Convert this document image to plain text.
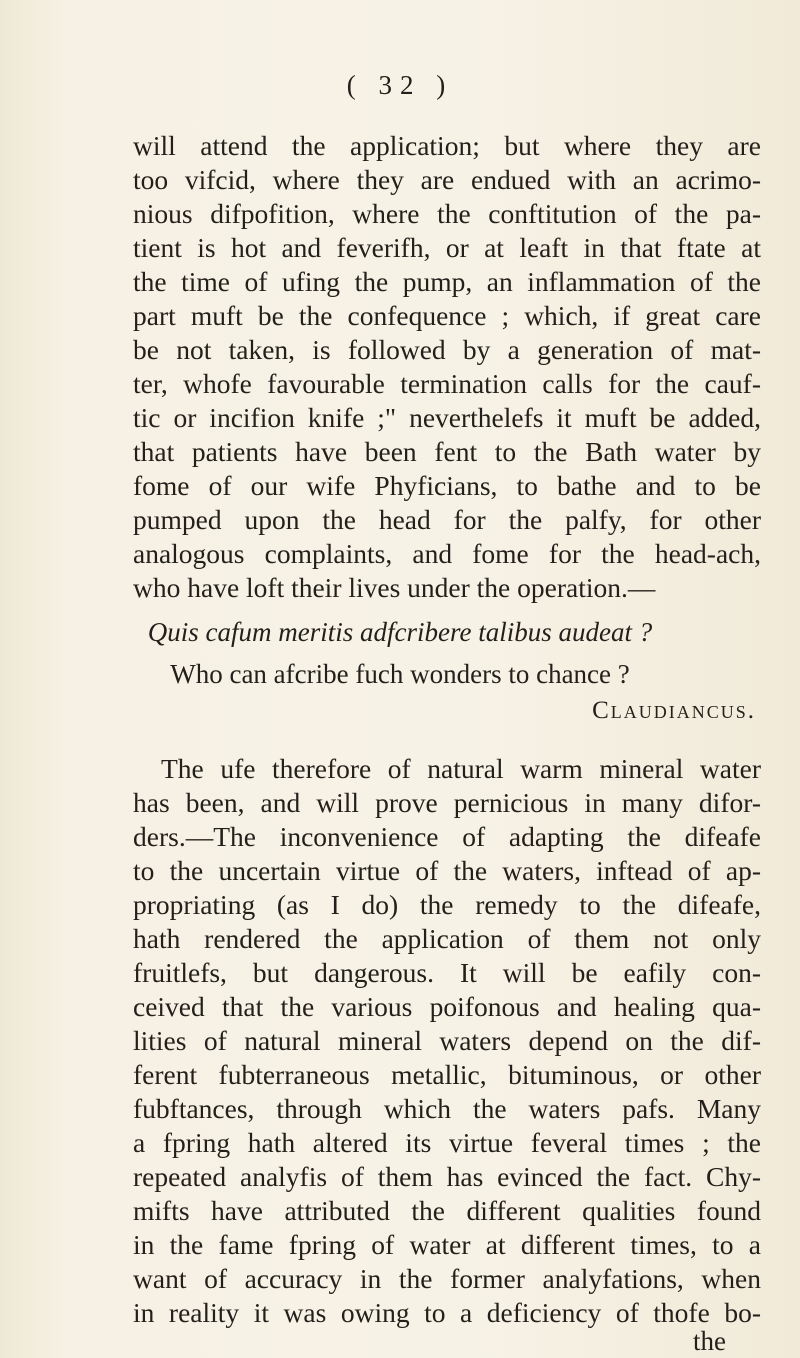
( 32 )
will attend the application; but where they are
too vifcid, where they are endued with an acrimo-
nious difpofition, where the conftitution of the pa-
tient is hot and feverifh, or at leaft in that ftate at
the time of ufing the pump, an inflammation of the
part muft be the confequence ; which, if great care
be not taken, is followed by a generation of mat-
ter, whofe favourable termination calls for the cauf-
tic or incifion knife ;" neverthelefs it muft be added,
that patients have been fent to the Bath water by
fome of our wife Phyficians, to bathe and to be
pumped upon the head for the palfy, for other
analogous complaints, and fome for the head-ach,
who have loft their lives under the operation.—
Quis cafum meritis adfcribere talibus audeat ?
Who can afcribe fuch wonders to chance ?
Claudiancus.
The ufe therefore of natural warm mineral water
has been, and will prove pernicious in many difor-
ders.—The inconvenience of adapting the difeafe
to the uncertain virtue of the waters, inftead of ap-
propriating (as I do) the remedy to the difeafe,
hath rendered the application of them not only
fruitlefs, but dangerous. It will be eafily con-
ceived that the various poifonous and healing qua-
lities of natural mineral waters depend on the dif-
ferent fubterraneous metallic, bituminous, or other
fubftances, through which the waters pafs. Many
a fpring hath altered its virtue feveral times ; the
repeated analyfis of them has evinced the fact. Chy-
mifts have attributed the different qualities found
in the fame fpring of water at different times, to a
want of accuracy in the former analyfations, when
in reality it was owing to a deficiency of thofe bo-
the
